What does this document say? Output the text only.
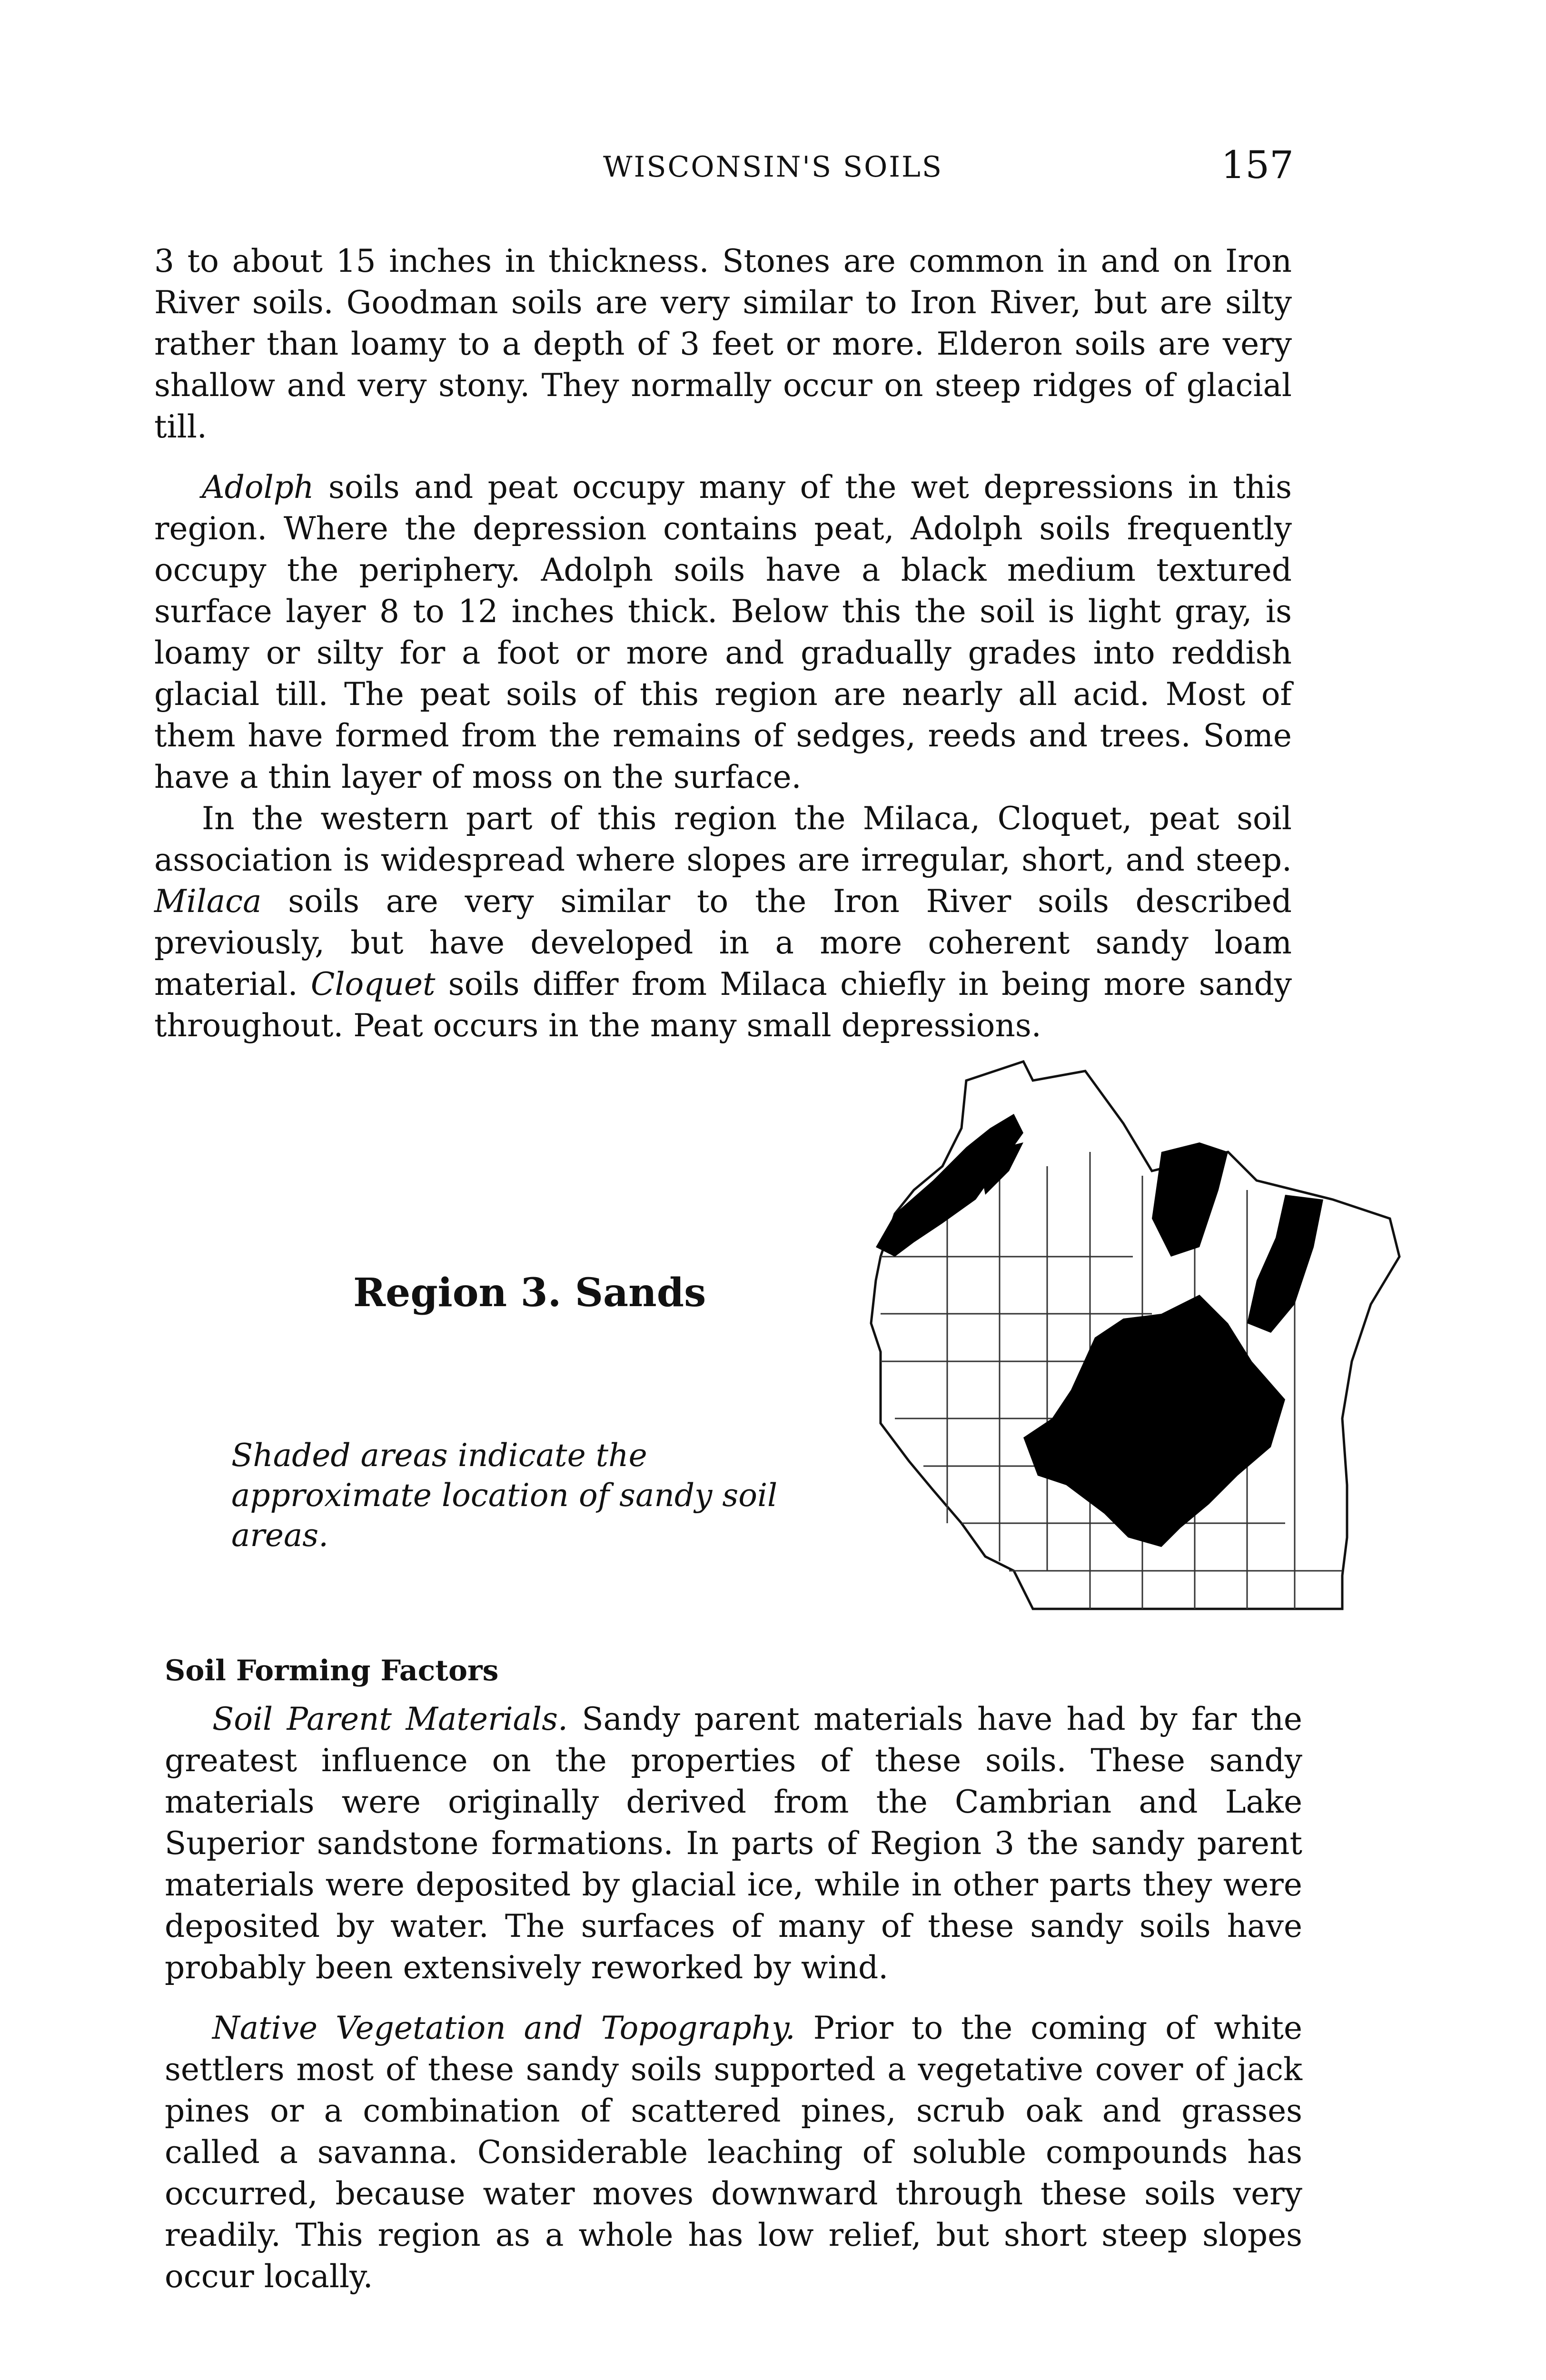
WISCONSIN'S SOILS	157

3 to about 15 inches in thickness. Stones are common in and on Iron River soils. Goodman soils are very similar to Iron River, but are silty rather than loamy to a depth of 3 feet or more. Elderon soils are very shallow and very stony. They normally occur on steep ridges of glacial till.

Adolph soils and peat occupy many of the wet depressions in this region. Where the depression contains peat, Adolph soils frequently occupy the periphery. Adolph soils have a black medium textured surface layer 8 to 12 inches thick. Below this the soil is light gray, is loamy or silty for a foot or more and gradually grades into reddish glacial till. The peat soils of this region are nearly all acid. Most of them have formed from the remains of sedges, reeds and trees. Some have a thin layer of moss on the surface.

In the western part of this region the Milaca, Cloquet, peat soil association is widespread where slopes are irregular, short, and steep. Milaca soils are very similar to the Iron River soils described previously, but have developed in a more coherent sandy loam material. Cloquet soils differ from Milaca chiefly in being more sandy throughout. Peat occurs in the many small depressions.

Region 3. Sands
Shaded areas indicate the approximate location of sandy soil areas.
Soil Forming Factors

Soil Parent Materials. Sandy parent materials have had by far the greatest influence on the properties of these soils. These sandy materials were originally derived from the Cambrian and Lake Superior sandstone formations. In parts of Region 3 the sandy parent materials were deposited by glacial ice, while in other parts they were deposited by water. The surfaces of many of these sandy soils have probably been extensively reworked by wind.

Native Vegetation and Topography. Prior to the coming of white settlers most of these sandy soils supported a vegetative cover of jack pines or a combination of scattered pines, scrub oak and grasses called a savanna. Considerable leaching of soluble compounds has occurred, because water moves downward through these soils very readily. This region as a whole has low relief, but short steep slopes occur locally.
